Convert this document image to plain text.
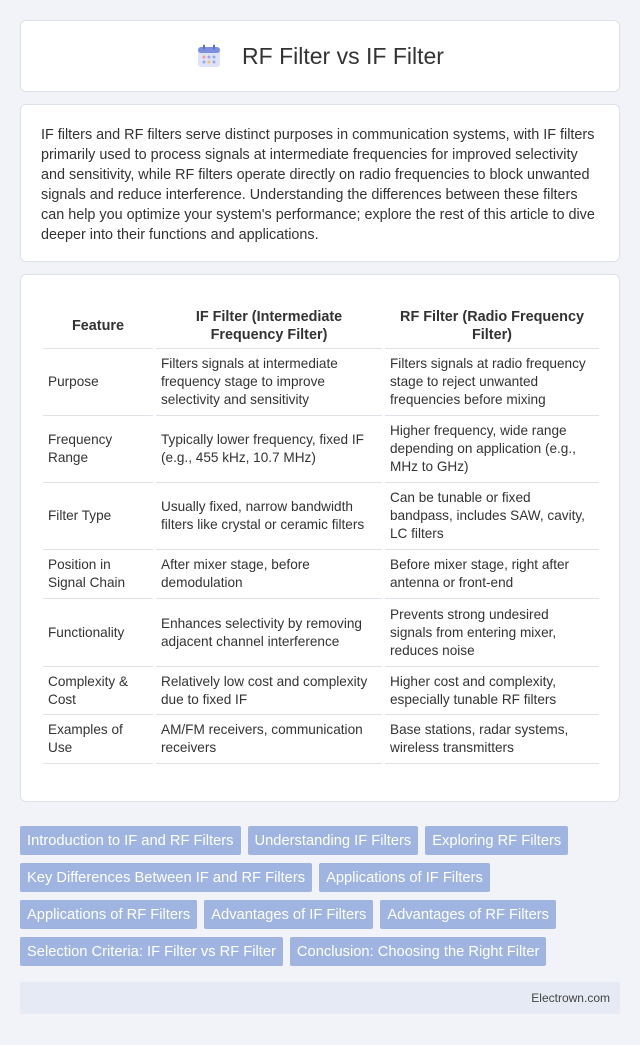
RF Filter vs IF Filter

IF filters and RF filters serve distinct purposes in communication systems, with IF filters primarily used to process signals at intermediate frequencies for improved selectivity and sensitivity, while RF filters operate directly on radio frequencies to block unwanted signals and reduce interference. Understanding the differences between these filters can help you optimize your system's performance; explore the rest of this article to dive deeper into their functions and applications.

Feature	IF Filter (Intermediate Frequency Filter)	RF Filter (Radio Frequency Filter)
Purpose	Filters signals at intermediate frequency stage to improve selectivity and sensitivity	Filters signals at radio frequency stage to reject unwanted frequencies before mixing
Frequency Range	Typically lower frequency, fixed IF (e.g., 455 kHz, 10.7 MHz)	Higher frequency, wide range depending on application (e.g., MHz to GHz)
Filter Type	Usually fixed, narrow bandwidth filters like crystal or ceramic filters	Can be tunable or fixed bandpass, includes SAW, cavity, LC filters
Position in Signal Chain	After mixer stage, before demodulation	Before mixer stage, right after antenna or front-end
Functionality	Enhances selectivity by removing adjacent channel interference	Prevents strong undesired signals from entering mixer, reduces noise
Complexity & Cost	Relatively low cost and complexity due to fixed IF	Higher cost and complexity, especially tunable RF filters
Examples of Use	AM/FM receivers, communication receivers	Base stations, radar systems, wireless transmitters
Introduction to IF and RF Filters	Understanding IF Filters	Exploring RF Filters
Key Differences Between IF and RF Filters	Applications of IF Filters
Applications of RF Filters	Advantages of IF Filters	Advantages of RF Filters
Selection Criteria: IF Filter vs RF Filter	Conclusion: Choosing the Right Filter
Electrown.com
